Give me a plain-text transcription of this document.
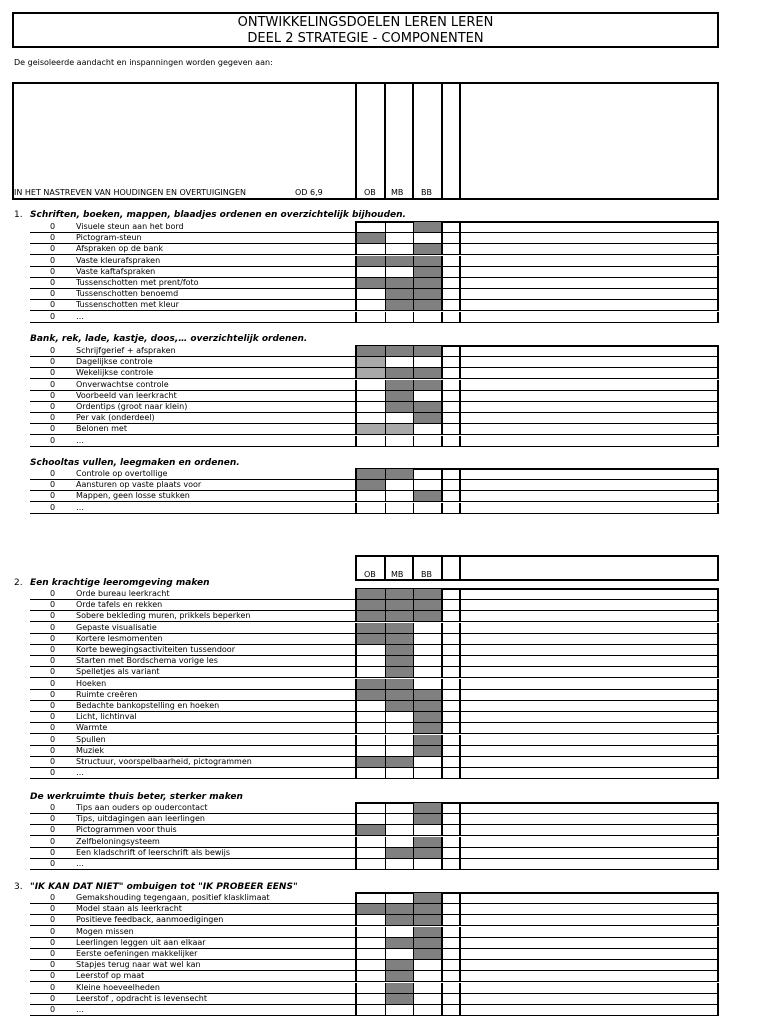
ONTWIKKELINGSDOELEN LEREN LEREN
DEEL 2 STRATEGIE - COMPONENTEN
De geisoleerde aandacht en inspanningen worden gegeven aan:
IN HET NASTREVEN VAN HOUDINGEN EN OVERTUIGINGEN	OD 6,9	OB MB BB
OB MB BB
1. Schriften, boeken, mappen, blaadjes ordenen en overzichtelijk bijhouden.
0	Visuele steun aan het bord
0	Pictogram-steun
0	Afspraken op de bank
0	Vaste kleurafspraken
0	Vaste kaftafspraken
0	Tussenschotten met prent/foto
0	Tussenschotten benoemd
0	Tussenschotten met kleur
0	…
Bank, rek, lade, kastje, doos,… overzichtelijk ordenen.
0	Schrijfgerief + afspraken
0	Dagelijkse controle
0	Wekelijkse controle
0	Onverwachtse controle
0	Voorbeeld van leerkracht
0	Ordentips (groot naar klein)
0	Per vak (onderdeel)
0	Belonen met
0	…
Schooltas vullen, leegmaken en ordenen.
0	Controle op overtollige
0	Aansturen op vaste plaats voor
0	Mappen, geen losse stukken
0	…
2. Een krachtige leeromgeving maken
0	Orde bureau leerkracht
0	Orde tafels en rekken
0	Sobere bekleding muren, prikkels beperken
0	Gepaste visualisatie
0	Kortere lesmomenten
0	Korte bewegingsactiviteiten tussendoor
0	Starten met Bordschema vorige les
0	Spelletjes als variant
0	Hoeken
0	Ruimte creëren
0	Bedachte bankopstelling en hoeken
0	Licht, lichtinval
0	Warmte
0	Spullen
0	Muziek
0	Structuur, voorspelbaarheid, pictogrammen
0	…
De werkruimte thuis beter, sterker maken
0	Tips aan ouders op oudercontact
0	Tips, uitdagingen aan leerlingen
0	Pictogrammen voor thuis
0	Zelfbeloningsysteem
0	Een kladschrift of leerschrift als bewijs
0	…
3. "IK KAN DAT NIET" ombuigen tot "IK PROBEER EENS"
0	Gemakshouding tegengaan, positief klasklimaat
0	Model staan als leerkracht
0	Positieve feedback, aanmoedigingen
0	Mogen missen
0	Leerlingen leggen uit aan elkaar
0	Eerste oefeningen makkelijker
0	Stapjes terug naar wat wel kan
0	Leerstof op maat
0	Kleine hoeveelheden
0	Leerstof , opdracht is levensecht
0	…
